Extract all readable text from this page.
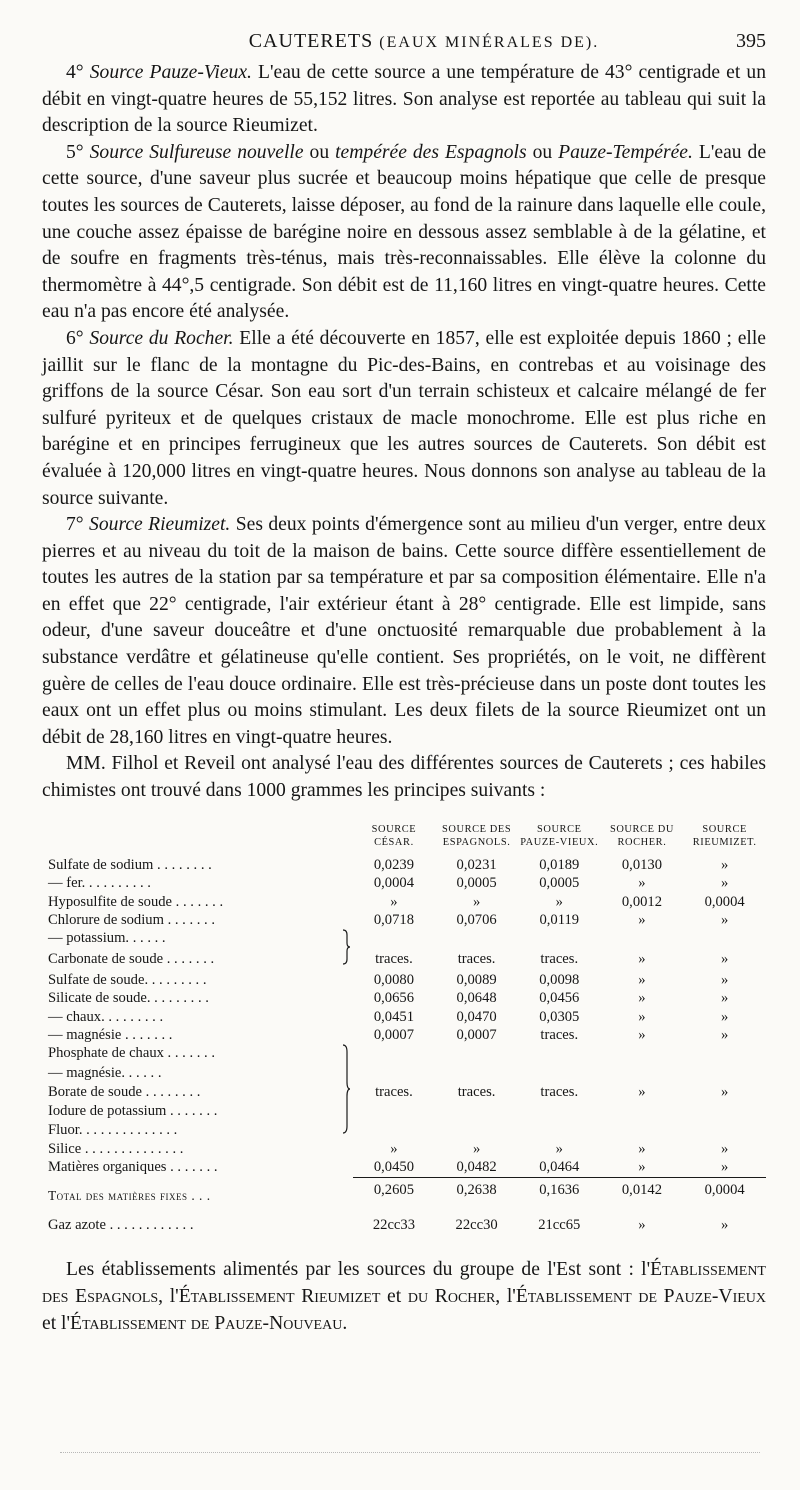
CAUTERETS (EAUX MINÉRALES DE).	395

4° Source Pauze-Vieux. L'eau de cette source a une température de 43° centigrade et un débit en vingt-quatre heures de 55,152 litres. Son analyse est reportée au tableau qui suit la description de la source Rieumizet.

5° Source Sulfureuse nouvelle ou tempérée des Espagnols ou Pauze-Tempérée. L'eau de cette source, d'une saveur plus sucrée et beaucoup moins hépatique que celle de presque toutes les sources de Cauterets, laisse déposer, au fond de la rainure dans laquelle elle coule, une couche assez épaisse de barégine noire en dessous assez semblable à de la gélatine, et de soufre en fragments très-ténus, mais très-reconnaissables. Elle élève la colonne du thermomètre à 44°,5 centigrade. Son débit est de 11,160 litres en vingt-quatre heures. Cette eau n'a pas encore été analysée.

6° Source du Rocher. Elle a été découverte en 1857, elle est exploitée depuis 1860 ; elle jaillit sur le flanc de la montagne du Pic-des-Bains, en contrebas et au voisinage des griffons de la source César. Son eau sort d'un terrain schisteux et calcaire mélangé de fer sulfuré pyriteux et de quelques cristaux de macle monochrome. Elle est plus riche en barégine et en principes ferrugineux que les autres sources de Cauterets. Son débit est évaluée à 120,000 litres en vingt-quatre heures. Nous donnons son analyse au tableau de la source suivante.

7° Source Rieumizet. Ses deux points d'émergence sont au milieu d'un verger, entre deux pierres et au niveau du toit de la maison de bains. Cette source diffère essentiellement de toutes les autres de la station par sa température et par sa composition élémentaire. Elle n'a en effet que 22° centigrade, l'air extérieur étant à 28° centigrade. Elle est limpide, sans odeur, d'une saveur douceâtre et d'une onctuosité remarquable due probablement à la substance verdâtre et gélatineuse qu'elle contient. Ses propriétés, on le voit, ne diffèrent guère de celles de l'eau douce ordinaire. Elle est très-précieuse dans un poste dont toutes les eaux ont un effet plus ou moins stimulant. Les deux filets de la source Rieumizet ont un débit de 28,160 litres en vingt-quatre heures.

MM. Filhol et Reveil ont analysé l'eau des différentes sources de Cauterets ; ces habiles chimistes ont trouvé dans 1000 grammes les principes suivants :

		SOURCE CÉSAR.	SOURCE DES ESPAGNOLS.	SOURCE PAUZE-VIEUX.	SOURCE DU ROCHER.	SOURCE RIEUMIZET.
Sulfate de sodium . . . . . . . .		0,0239	0,0231	0,0189	0,0130	»
— fer. . . . . . . . . .		0,0004	0,0005	0,0005	»	»
Hyposulfite de soude . . . . . . .		»	»	»	0,0012	0,0004
Chlorure de sodium . . . . . . .		0,0718	0,0706	0,0119	»	»
— potassium. . . . . .						
Carbonate de soude . . . . . . .		traces.	traces.	traces.	»	»
Sulfate de soude. . . . . . . . .		0,0080	0,0089	0,0098	»	»
Silicate de soude. . . . . . . . .		0,0656	0,0648	0,0456	»	»
— chaux. . . . . . . . .		0,0451	0,0470	0,0305	»	»
— magnésie . . . . . . .		0,0007	0,0007	traces.	»	»
Phosphate de chaux . . . . . . .						
— magnésie. . . . . .						
Borate de soude . . . . . . . .		traces.	traces.	traces.	»	»
Iodure de potassium . . . . . . .						
Fluor. . . . . . . . . . . . . .						
Silice . . . . . . . . . . . . . .		»	»	»	»	»
Matières organiques . . . . . . .		0,0450	0,0482	0,0464	»	»
Total des matières fixes . . .		0,2605	0,2638	0,1636	0,0142	0,0004
Gaz azote . . . . . . . . . . . .		22cc33	22cc30	21cc65	»	»

Les établissements alimentés par les sources du groupe de l'Est sont : l'Établissement des Espagnols, l'Établissement Rieumizet et du Rocher, l'Établissement de Pauze-Vieux et l'Établissement de Pauze-Nouveau.
